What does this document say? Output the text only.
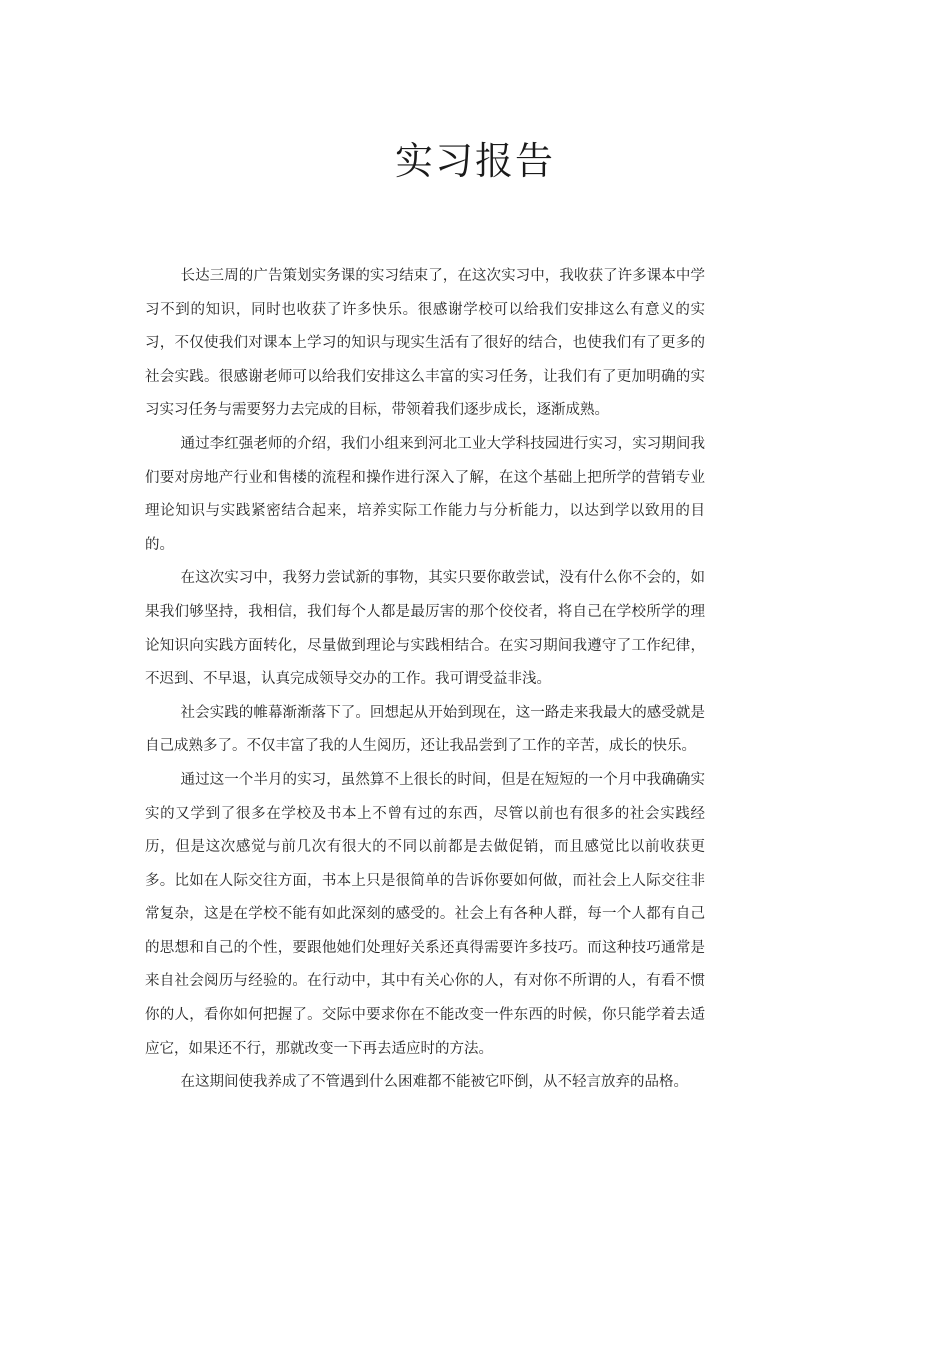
实习报告

长达三周的广告策划实务课的实习结束了，在这次实习中，我收获了许多课本中学习不到的知识，同时也收获了许多快乐。很感谢学校可以给我们安排这么有意义的实习，不仅使我们对课本上学习的知识与现实生活有了很好的结合，也使我们有了更多的社会实践。很感谢老师可以给我们安排这么丰富的实习任务，让我们有了更加明确的实习实习任务与需要努力去完成的目标，带领着我们逐步成长，逐渐成熟。

通过李红强老师的介绍，我们小组来到河北工业大学科技园进行实习，实习期间我们要对房地产行业和售楼的流程和操作进行深入了解，在这个基础上把所学的营销专业理论知识与实践紧密结合起来，培养实际工作能力与分析能力，以达到学以致用的目的。

在这次实习中，我努力尝试新的事物，其实只要你敢尝试，没有什么你不会的，如果我们够坚持，我相信，我们每个人都是最厉害的那个佼佼者，将自己在学校所学的理论知识向实践方面转化，尽量做到理论与实践相结合。在实习期间我遵守了工作纪律，不迟到、不早退，认真完成领导交办的工作。我可谓受益非浅。

社会实践的帷幕渐渐落下了。回想起从开始到现在，这一路走来我最大的感受就是自己成熟多了。不仅丰富了我的人生阅历，还让我品尝到了工作的辛苦，成长的快乐。

通过这一个半月的实习，虽然算不上很长的时间，但是在短短的一个月中我确确实实的又学到了很多在学校及书本上不曾有过的东西，尽管以前也有很多的社会实践经历，但是这次感觉与前几次有很大的不同以前都是去做促销，而且感觉比以前收获更多。比如在人际交往方面，书本上只是很简单的告诉你要如何做，而社会上人际交往非常复杂，这是在学校不能有如此深刻的感受的。社会上有各种人群，每一个人都有自己的思想和自己的个性，要跟他她们处理好关系还真得需要许多技巧。而这种技巧通常是来自社会阅历与经验的。在行动中，其中有关心你的人，有对你不所谓的人，有看不惯你的人，看你如何把握了。交际中要求你在不能改变一件东西的时候，你只能学着去适应它，如果还不行，那就改变一下再去适应时的方法。

在这期间使我养成了不管遇到什么困难都不能被它吓倒，从不轻言放弃的品格。
